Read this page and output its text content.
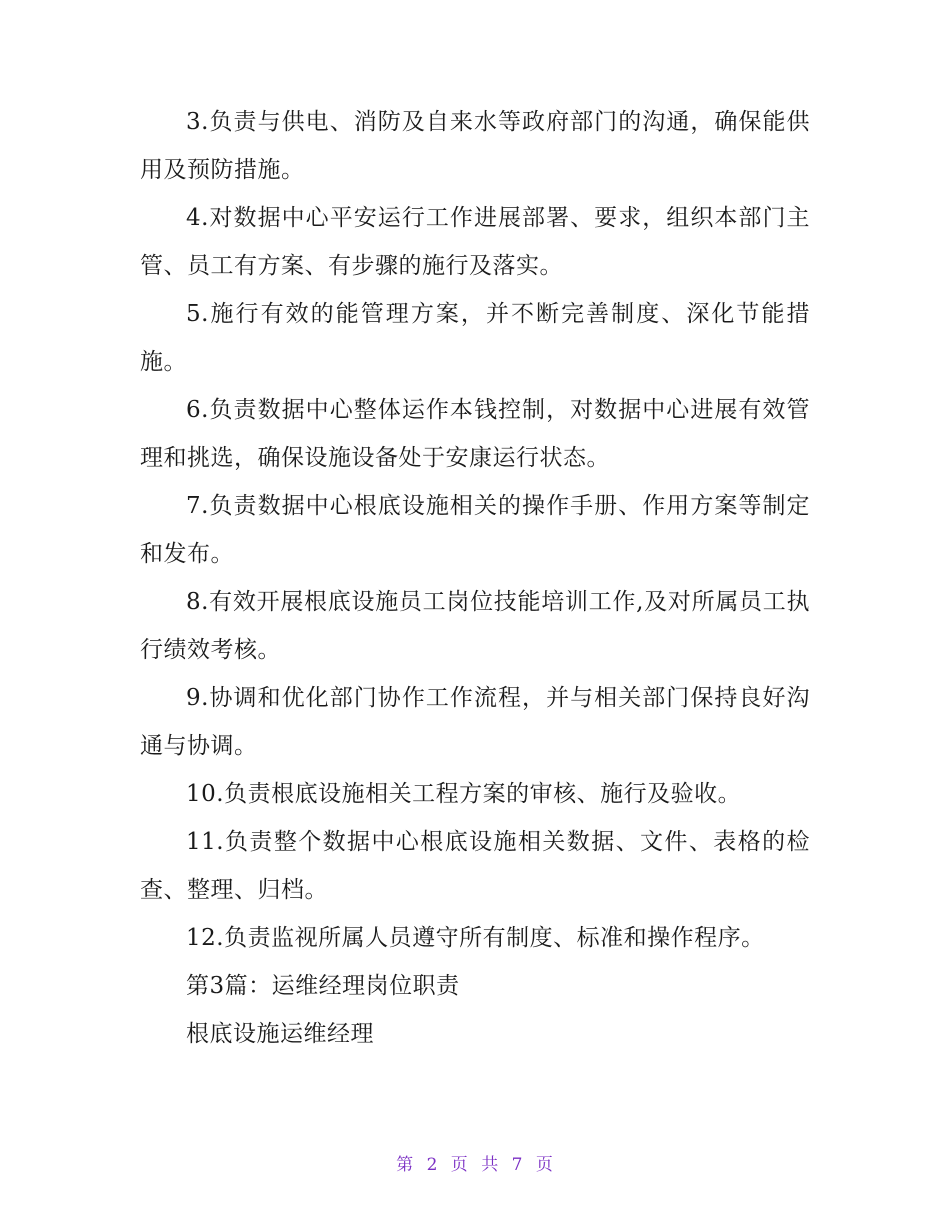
3.负责与供电、消防及自来水等政府部门的沟通，确保能供用及预防措施。

4.对数据中心平安运行工作进展部署、要求，组织本部门主管、员工有方案、有步骤的施行及落实。

5.施行有效的能管理方案，并不断完善制度、深化节能措施。

6.负责数据中心整体运作本钱控制，对数据中心进展有效管理和挑选，确保设施设备处于安康运行状态。

7.负责数据中心根底设施相关的操作手册、作用方案等制定和发布。

8.有效开展根底设施员工岗位技能培训工作,及对所属员工执行绩效考核。

9.协调和优化部门协作工作流程，并与相关部门保持良好沟通与协调。

10.负责根底设施相关工程方案的审核、施行及验收。

11.负责整个数据中心根底设施相关数据、文件、表格的检查、整理、归档。

12.负责监视所属人员遵守所有制度、标准和操作程序。

第3篇：运维经理岗位职责

根底设施运维经理

第 2 页 共 7 页
